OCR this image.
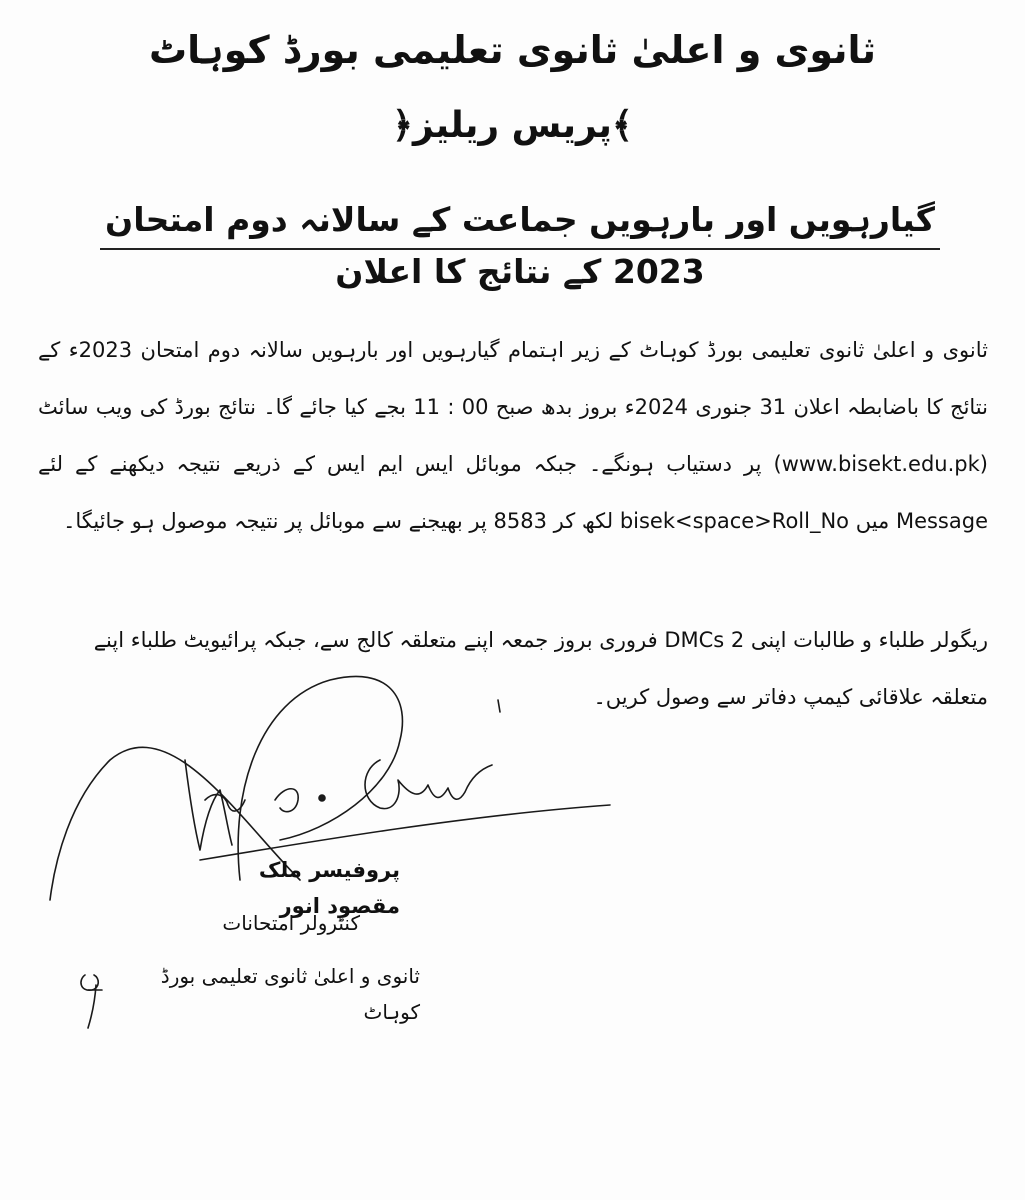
ثانوی و اعلیٰ ثانوی تعلیمی بورڈ کوہاٹ
﴾پریس ریلیز﴿
گیارہویں اور بارہویں جماعت کے سالانہ دوم امتحان 2023 کے نتائج کا اعلان
ثانوی و اعلیٰ ثانوی تعلیمی بورڈ کوہاٹ کے زیر اہتمام گیارہویں اور بارہویں سالانہ دوم امتحان 2023ء کے نتائج کا باضابطہ اعلان 31 جنوری 2024ء بروز بدھ صبح 00 : 11 بجے کیا جائے گا۔ نتائج بورڈ کی ویب سائٹ (www.bisekt.edu.pk) پر دستیاب ہونگے۔ جبکہ موبائل ایس ایم ایس کے ذریعے نتیجہ دیکھنے کے لئے Message میں bisek<space>Roll_No لکھ کر 8583 پر بھیجنے سے موبائل پر نتیجہ موصول ہو جائیگا۔
ریگولر طلباء و طالبات اپنی DMCs 2 فروری بروز جمعہ اپنے متعلقہ کالج سے، جبکہ پرائیویٹ طلباء اپنے متعلقہ علاقائی کیمپ دفاتر سے وصول کریں۔
پروفیسر ملک مقصود انور
کنٹرولر امتحانات
ثانوی و اعلیٰ ثانوی تعلیمی بورڈ کوہاٹ
